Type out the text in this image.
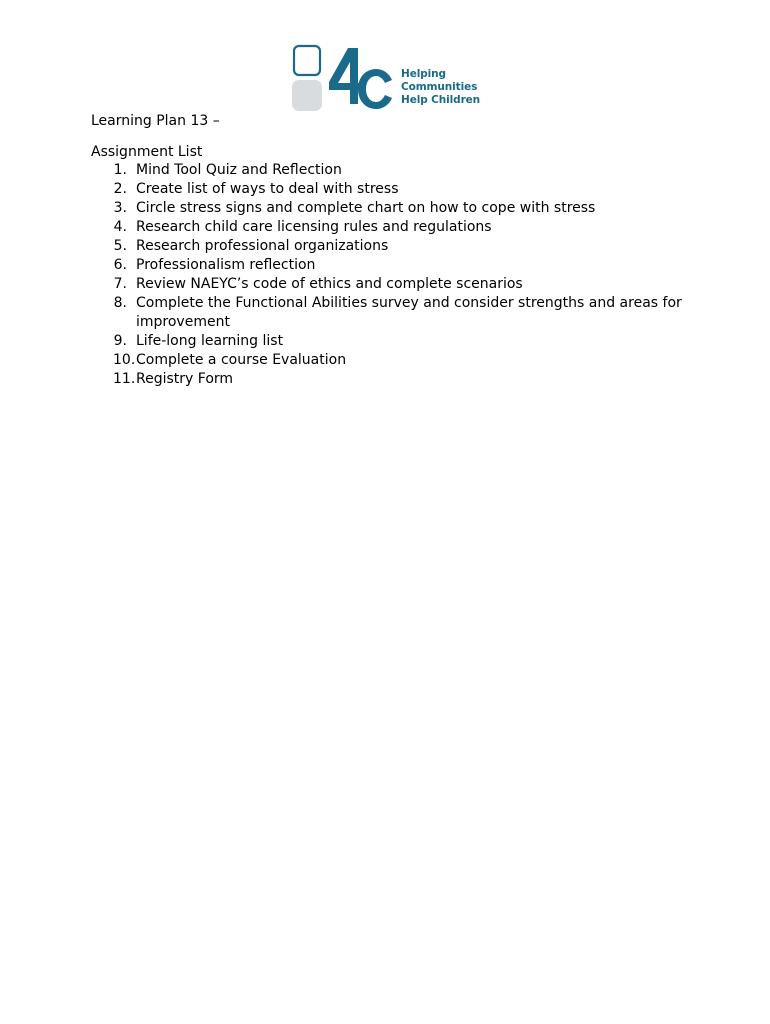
Helping
Communities
Help Children
Learning Plan 13 –
Assignment List
1. Mind Tool Quiz and Reflection
2. Create list of ways to deal with stress
3. Circle stress signs and complete chart on how to cope with stress
4. Research child care licensing rules and regulations
5. Research professional organizations
6. Professionalism reflection
7. Review NAEYC’s code of ethics and complete scenarios
8. Complete the Functional Abilities survey and consider strengths and areas for improvement
9. Life-long learning list
10. Complete a course Evaluation
11. Registry Form
